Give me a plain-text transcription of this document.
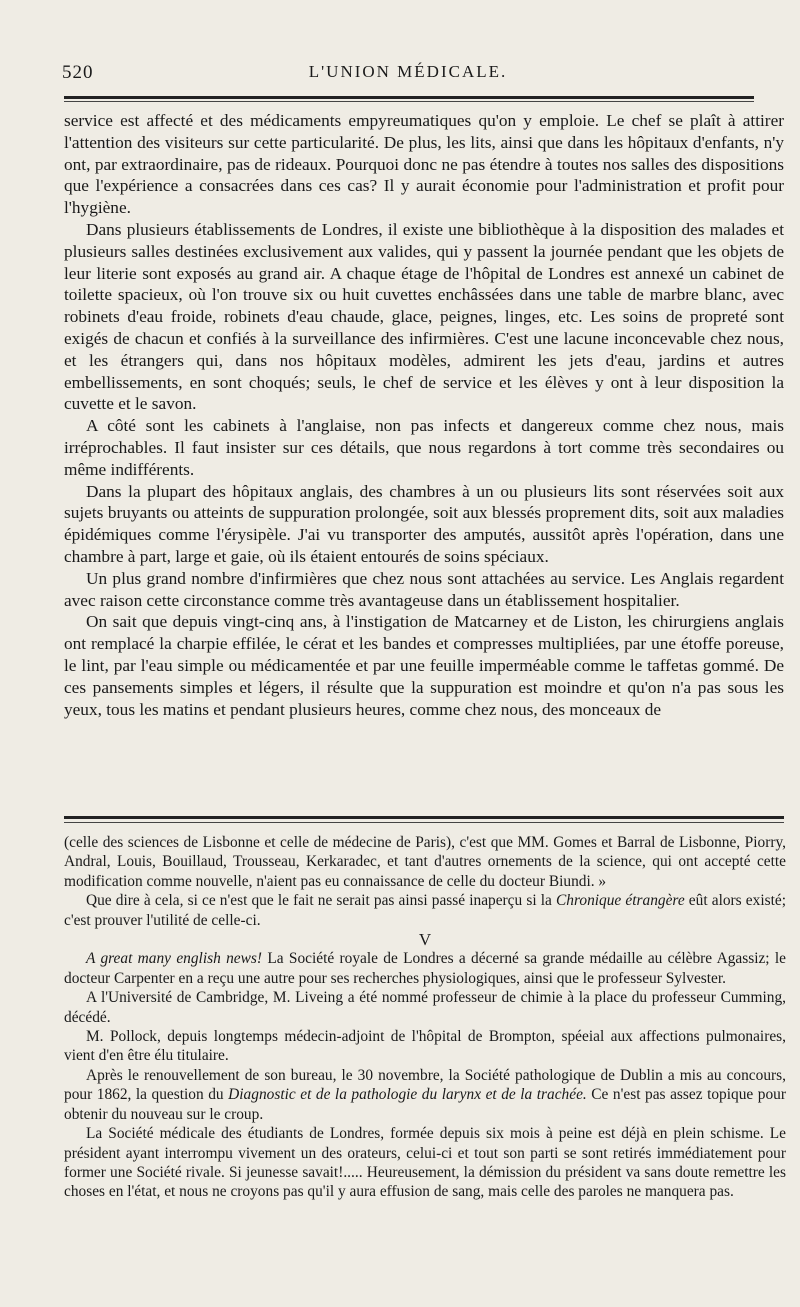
520	L'UNION MÉDICALE.

service est affecté et des médicaments empyreumatiques qu'on y emploie. Le chef se plaît à attirer l'attention des visiteurs sur cette particularité. De plus, les lits, ainsi que dans les hôpitaux d'enfants, n'y ont, par extraordinaire, pas de rideaux. Pourquoi donc ne pas étendre à toutes nos salles des dispositions que l'expérience a consacrées dans ces cas? Il y aurait économie pour l'administration et profit pour l'hygiène.

Dans plusieurs établissements de Londres, il existe une bibliothèque à la disposition des malades et plusieurs salles destinées exclusivement aux valides, qui y passent la journée pendant que les objets de leur literie sont exposés au grand air. A chaque étage de l'hôpital de Londres est annexé un cabinet de toilette spacieux, où l'on trouve six ou huit cuvettes enchâssées dans une table de marbre blanc, avec robinets d'eau froide, robinets d'eau chaude, glace, peignes, linges, etc. Les soins de propreté sont exigés de chacun et confiés à la surveillance des infirmières. C'est une lacune inconcevable chez nous, et les étrangers qui, dans nos hôpitaux modèles, admirent les jets d'eau, jardins et autres embellissements, en sont choqués; seuls, le chef de service et les élèves y ont à leur disposition la cuvette et le savon.

A côté sont les cabinets à l'anglaise, non pas infects et dangereux comme chez nous, mais irréprochables. Il faut insister sur ces détails, que nous regardons à tort comme très secondaires ou même indifférents.

Dans la plupart des hôpitaux anglais, des chambres à un ou plusieurs lits sont réservées soit aux sujets bruyants ou atteints de suppuration prolongée, soit aux blessés proprement dits, soit aux maladies épidémiques comme l'érysipèle. J'ai vu transporter des amputés, aussitôt après l'opération, dans une chambre à part, large et gaie, où ils étaient entourés de soins spéciaux.

Un plus grand nombre d'infirmières que chez nous sont attachées au service. Les Anglais regardent avec raison cette circonstance comme très avantageuse dans un établissement hospitalier.

On sait que depuis vingt-cinq ans, à l'instigation de Matcarney et de Liston, les chirurgiens anglais ont remplacé la charpie effilée, le cérat et les bandes et compresses multipliées, par une étoffe poreuse, le lint, par l'eau simple ou médicamentée et par une feuille imperméable comme le taffetas gommé. De ces pansements simples et légers, il résulte que la suppuration est moindre et qu'on n'a pas sous les yeux, tous les matins et pendant plusieurs heures, comme chez nous, des monceaux de

(celle des sciences de Lisbonne et celle de médecine de Paris), c'est que MM. Gomes et Barral de Lisbonne, Piorry, Andral, Louis, Bouillaud, Trousseau, Kerkaradec, et tant d'autres ornements de la science, qui ont accepté cette modification comme nouvelle, n'aient pas eu connaissance de celle du docteur Biundi. »

Que dire à cela, si ce n'est que le fait ne serait pas ainsi passé inaperçu si la Chronique étrangère eût alors existé; c'est prouver l'utilité de celle-ci.

V

A great many english news! La Société royale de Londres a décerné sa grande médaille au célèbre Agassiz; le docteur Carpenter en a reçu une autre pour ses recherches physiologiques, ainsi que le professeur Sylvester.

A l'Université de Cambridge, M. Liveing a été nommé professeur de chimie à la place du professeur Cumming, décédé.

M. Pollock, depuis longtemps médecin-adjoint de l'hôpital de Brompton, spéeial aux affections pulmonaires, vient d'en être élu titulaire.

Après le renouvellement de son bureau, le 30 novembre, la Société pathologique de Dublin a mis au concours, pour 1862, la question du Diagnostic et de la pathologie du larynx et de la trachée. Ce n'est pas assez topique pour obtenir du nouveau sur le croup.

La Société médicale des étudiants de Londres, formée depuis six mois à peine est déjà en plein schisme. Le président ayant interrompu vivement un des orateurs, celui-ci et tout son parti se sont retirés immédiatement pour former une Société rivale. Si jeunesse savait!..... Heureusement, la démission du président va sans doute remettre les choses en l'état, et nous ne croyons pas qu'il y aura effusion de sang, mais celle des paroles ne manquera pas.
